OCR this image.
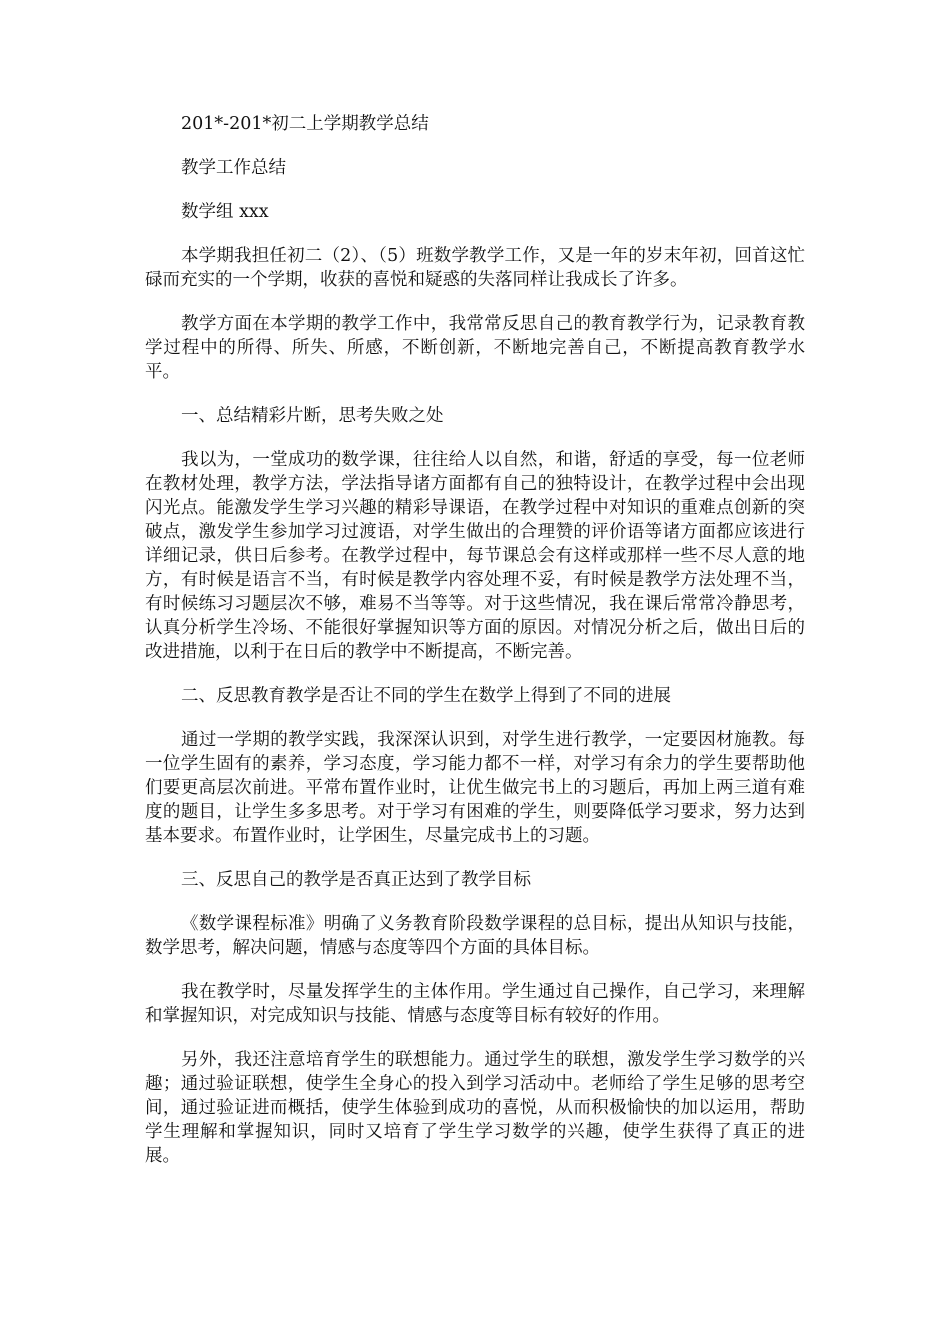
201*-201*初二上学期教学总结

教学工作总结

数学组 xxx

本学期我担任初二（2）、（5）班数学教学工作，又是一年的岁末年初，回首这忙碌而充实的一个学期，收获的喜悦和疑惑的失落同样让我成长了许多。

教学方面在本学期的教学工作中，我常常反思自己的教育教学行为，记录教育教学过程中的所得、所失、所感，不断创新，不断地完善自己，不断提高教育教学水平。

一、总结精彩片断，思考失败之处

我以为，一堂成功的数学课，往往给人以自然，和谐，舒适的享受，每一位老师在教材处理，教学方法，学法指导诸方面都有自己的独特设计，在教学过程中会出现闪光点。能激发学生学习兴趣的精彩导课语，在教学过程中对知识的重难点创新的突破点，激发学生参加学习过渡语，对学生做出的合理赞的评价语等诸方面都应该进行详细记录，供日后参考。在教学过程中，每节课总会有这样或那样一些不尽人意的地方，有时候是语言不当，有时候是教学内容处理不妥，有时候是教学方法处理不当，有时候练习习题层次不够，难易不当等等。对于这些情况，我在课后常常冷静思考，认真分析学生冷场、不能很好掌握知识等方面的原因。对情况分析之后，做出日后的改进措施，以利于在日后的教学中不断提高，不断完善。

二、反思教育教学是否让不同的学生在数学上得到了不同的进展

通过一学期的教学实践，我深深认识到，对学生进行教学，一定要因材施教。每一位学生固有的素养，学习态度，学习能力都不一样，对学习有余力的学生要帮助他们要更高层次前进。平常布置作业时，让优生做完书上的习题后，再加上两三道有难度的题目，让学生多多思考。对于学习有困难的学生，则要降低学习要求，努力达到基本要求。布置作业时，让学困生，尽量完成书上的习题。

三、反思自己的教学是否真正达到了教学目标

《数学课程标准》明确了义务教育阶段数学课程的总目标，提出从知识与技能，数学思考，解决问题，情感与态度等四个方面的具体目标。

我在教学时，尽量发挥学生的主体作用。学生通过自己操作，自己学习，来理解和掌握知识，对完成知识与技能、情感与态度等目标有较好的作用。

另外，我还注意培育学生的联想能力。通过学生的联想，激发学生学习数学的兴趣；通过验证联想，使学生全身心的投入到学习活动中。老师给了学生足够的思考空间，通过验证进而概括，使学生体验到成功的喜悦，从而积极愉快的加以运用，帮助学生理解和掌握知识，同时又培育了学生学习数学的兴趣，使学生获得了真正的进展。
